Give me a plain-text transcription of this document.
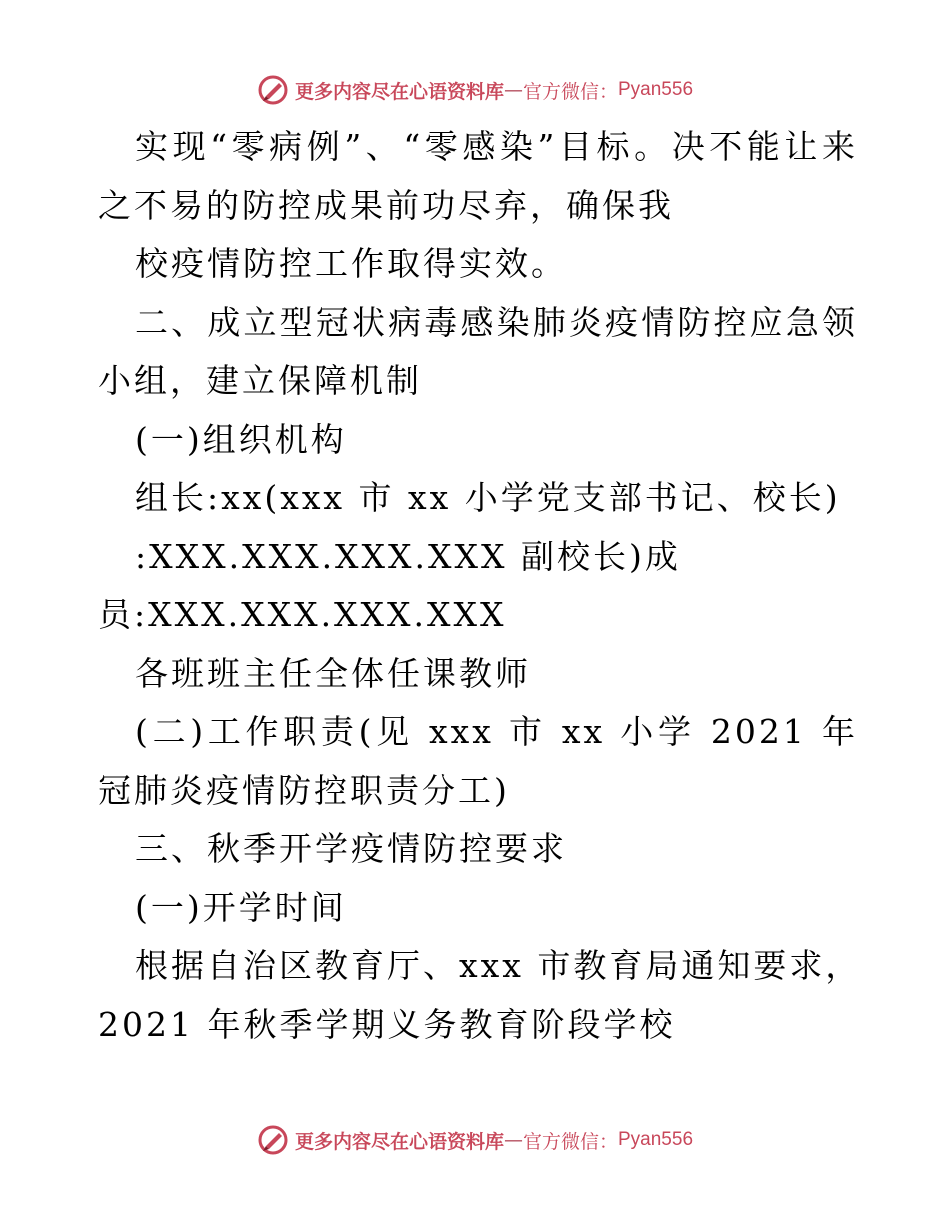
更多内容尽在心语资料库 — 官方微信： Pyan556
实现“零病例”、“零感染”目标。决不能让来
之不易的防控成果前功尽弃，确保我
校疫情防控工作取得实效。
二、成立型冠状病毒感染肺炎疫情防控应急领
小组，建立保障机制
(一)组织机构
组长:xx(xxx 市 xx 小学党支部书记、校长)
:XXX.XXX.XXX.XXX 副校长)成
员:XXX.XXX.XXX.XXX
各班班主任全体任课教师
(二)工作职责(见 xxx 市 xx 小学 2021 年
冠肺炎疫情防控职责分工)
三、秋季开学疫情防控要求
(一)开学时间
根据自治区教育厅、xxx 市教育局通知要求，
2021 年秋季学期义务教育阶段学校
更多内容尽在心语资料库 — 官方微信： Pyan556
